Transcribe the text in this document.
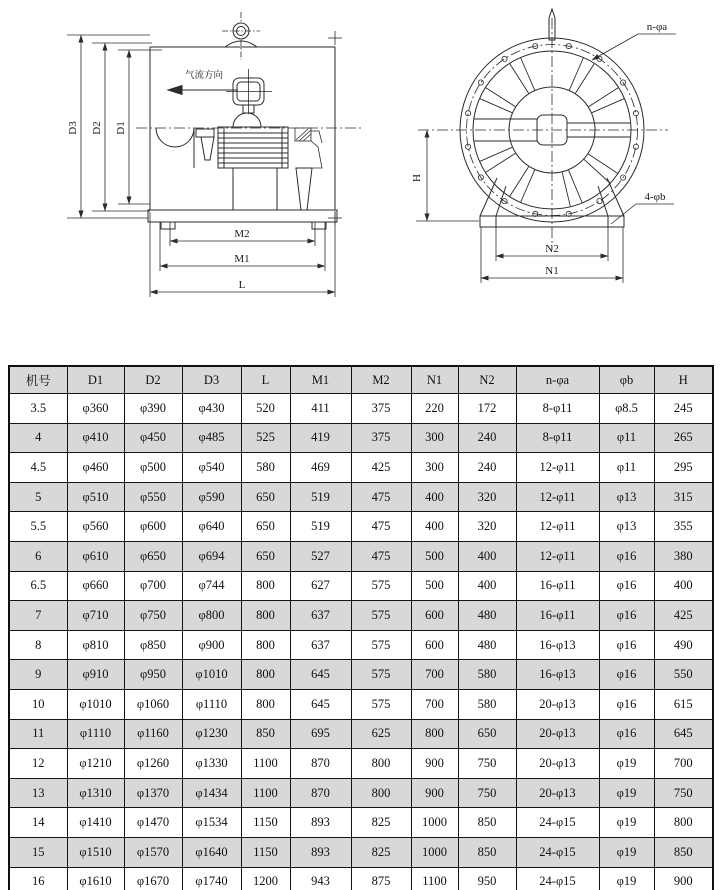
D3 D2 D1
M2
M1
L
气流方向
n-φa
4-φb
H
N2
N1
机号	D1	D2	D3	L	M1	M2	N1	N2	n-φa	φb	H
3.5	φ360	φ390	φ430	520	411	375	220	172	8-φ11	φ8.5	245
4	φ410	φ450	φ485	525	419	375	300	240	8-φ11	φ11	265
4.5	φ460	φ500	φ540	580	469	425	300	240	12-φ11	φ11	295
5	φ510	φ550	φ590	650	519	475	400	320	12-φ11	φ13	315
5.5	φ560	φ600	φ640	650	519	475	400	320	12-φ11	φ13	355
6	φ610	φ650	φ694	650	527	475	500	400	12-φ11	φ16	380
6.5	φ660	φ700	φ744	800	627	575	500	400	16-φ11	φ16	400
7	φ710	φ750	φ800	800	637	575	600	480	16-φ11	φ16	425
8	φ810	φ850	φ900	800	637	575	600	480	16-φ13	φ16	490
9	φ910	φ950	φ1010	800	645	575	700	580	16-φ13	φ16	550
10	φ1010	φ1060	φ1110	800	645	575	700	580	20-φ13	φ16	615
11	φ1110	φ1160	φ1230	850	695	625	800	650	20-φ13	φ16	645
12	φ1210	φ1260	φ1330	1100	870	800	900	750	20-φ13	φ19	700
13	φ1310	φ1370	φ1434	1100	870	800	900	750	20-φ13	φ19	750
14	φ1410	φ1470	φ1534	1150	893	825	1000	850	24-φ15	φ19	800
15	φ1510	φ1570	φ1640	1150	893	825	1000	850	24-φ15	φ19	850
16	φ1610	φ1670	φ1740	1200	943	875	1100	950	24-φ15	φ19	900
